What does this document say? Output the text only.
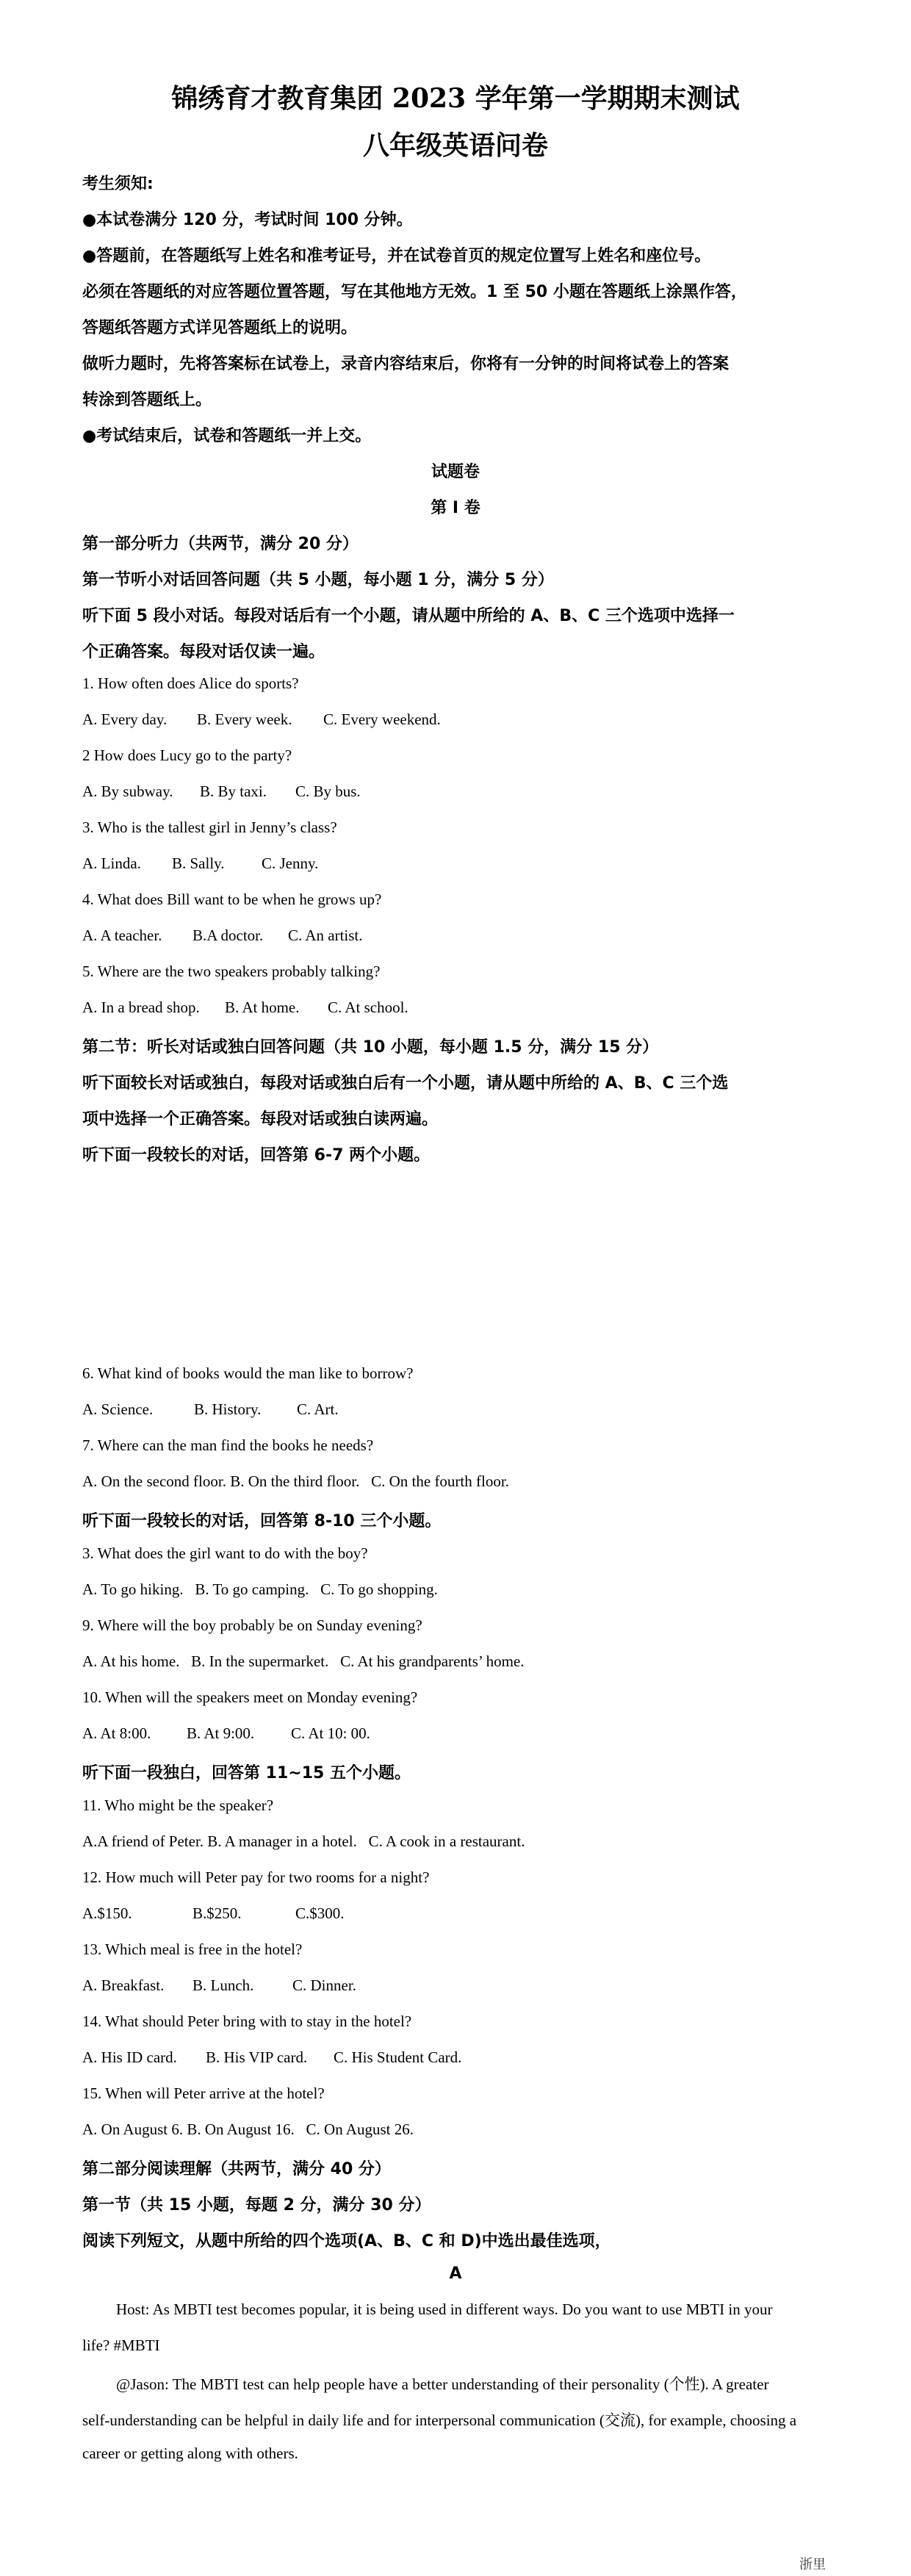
锦绣育才教育集团 2023 学年第一学期期末测试
八年级英语问卷
考生须知:
●本试卷满分 120 分，考试时间 100 分钟。
●答题前，在答题纸写上姓名和准考证号，并在试卷首页的规定位置写上姓名和座位号。
必须在答题纸的对应答题位置答题，写在其他地方无效。1 至 50 小题在答题纸上涂黑作答，
答题纸答题方式详见答题纸上的说明。
做听力题时，先将答案标在试卷上，录音内容结束后，你将有一分钟的时间将试卷上的答案
转涂到答题纸上。
●考试结束后，试卷和答题纸一并上交。
试题卷
第 I 卷
第一部分听力（共两节，满分 20 分）
第一节听小对话回答问题（共 5 小题，每小题 1 分，满分 5 分）
听下面 5 段小对话。每段对话后有一个小题，请从题中所给的 A、B、C 三个选项中选择一
个正确答案。每段对话仅读一遍。
1. How often does Alice do sports?
A. Every day. B. Every week. C. Every weekend.
2 How does Lucy go to the party?
A. By subway. B. By taxi. C. By bus.
3. Who is the tallest girl in Jenny’s class?
A. Linda. B. Sally. C. Jenny.
4. What does Bill want to be when he grows up?
A. A teacher. B.A doctor. C. An artist.
5. Where are the two speakers probably talking?
A. In a bread shop. B. At home. C. At school.
第二节：听长对话或独白回答问题（共 10 小题，每小题 1.5 分，满分 15 分）
听下面较长对话或独白，每段对话或独白后有一个小题，请从题中所给的 A、B、C 三个选
项中选择一个正确答案。每段对话或独白读两遍。
听下面一段较长的对话，回答第 6-7 两个小题。
6. What kind of books would the man like to borrow?
A. Science.	B. History. C. Art.
7. Where can the man find the books he needs?
A. On the second floor. B. On the third floor.   C. On the fourth floor.
听下面一段较长的对话，回答第 8-10 三个小题。
3. What does the girl want to do with the boy?
A. To go hiking.   B. To go camping.   C. To go shopping.
9. Where will the boy probably be on Sunday evening?
A. At his home.   B. In the supermarket.   C. At his grandparents’ home.
10. When will the speakers meet on Monday evening?
A. At 8:00. B. At 9:00. C. At 10: 00.
听下面一段独白，回答第 11~15 五个小题。
11. Who might be the speaker?
A.A friend of Peter. B. A manager in a hotel.   C. A cook in a restaurant.
12. How much will Peter pay for two rooms for a night?
A.$150.	B.$250.	C.$300.
13. Which meal is free in the hotel?
A. Breakfast. B. Lunch.	C. Dinner.
14. What should Peter bring with to stay in the hotel?
A. His ID card. B. His VIP card. C. His Student Card.
15. When will Peter arrive at the hotel?
A. On August 6. B. On August 16.   C. On August 26.
第二部分阅读理解（共两节，满分 40 分）
第一节（共 15 小题，每题 2 分，满分 30 分）
阅读下列短文，从题中所给的四个选项(A、B、C 和 D)中选出最佳选项，
A
Host: As MBTI test becomes popular, it is being used in different ways. Do you want to use MBTI in your
life? #MBTI
@Jason: The MBTI test can help people have a better understanding of their personality (个性). A greater
self-understanding can be helpful in daily life and for interpersonal communication (交流), for example, choosing a
career or getting along with others.
浙里
